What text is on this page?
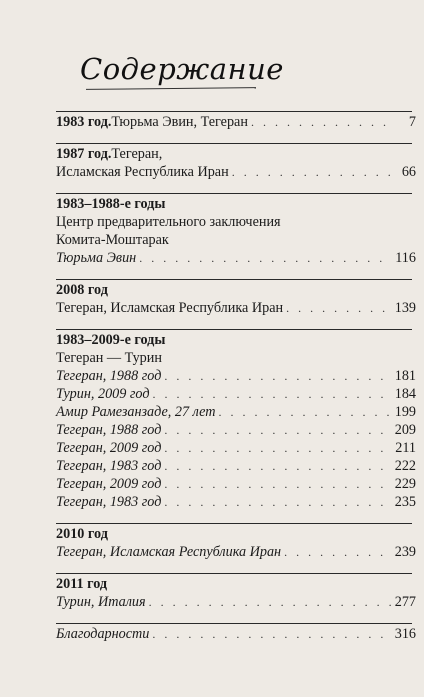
Содержание
1983 год. Тюрьма Эвин, Тегеран . . .	7
1987 год. Тегеран,
Исламская Республика Иран . . .	66
1983–1988-е годы
Центр предварительного заключения
Комита-Моштарак
Тюрьма Эвин . . .	116
2008 год
Тегеран, Исламская Республика Иран . . .	139
1983–2009-е годы
Тегеран — Турин
Тегеран, 1988 год . . .	181
Турин, 2009 год . . .	184
Амир Рамезанзаде, 27 лет . . .	199
Тегеран, 1988 год . . .	209
Тегеран, 2009 год . . .	211
Тегеран, 1983 год . . .	222
Тегеран, 2009 год . . .	229
Тегеран, 1983 год . . .	235
2010 год
Тегеран, Исламская Республика Иран . . .	239
2011 год
Турин, Италия . . .	277
Благодарности . . .	316
